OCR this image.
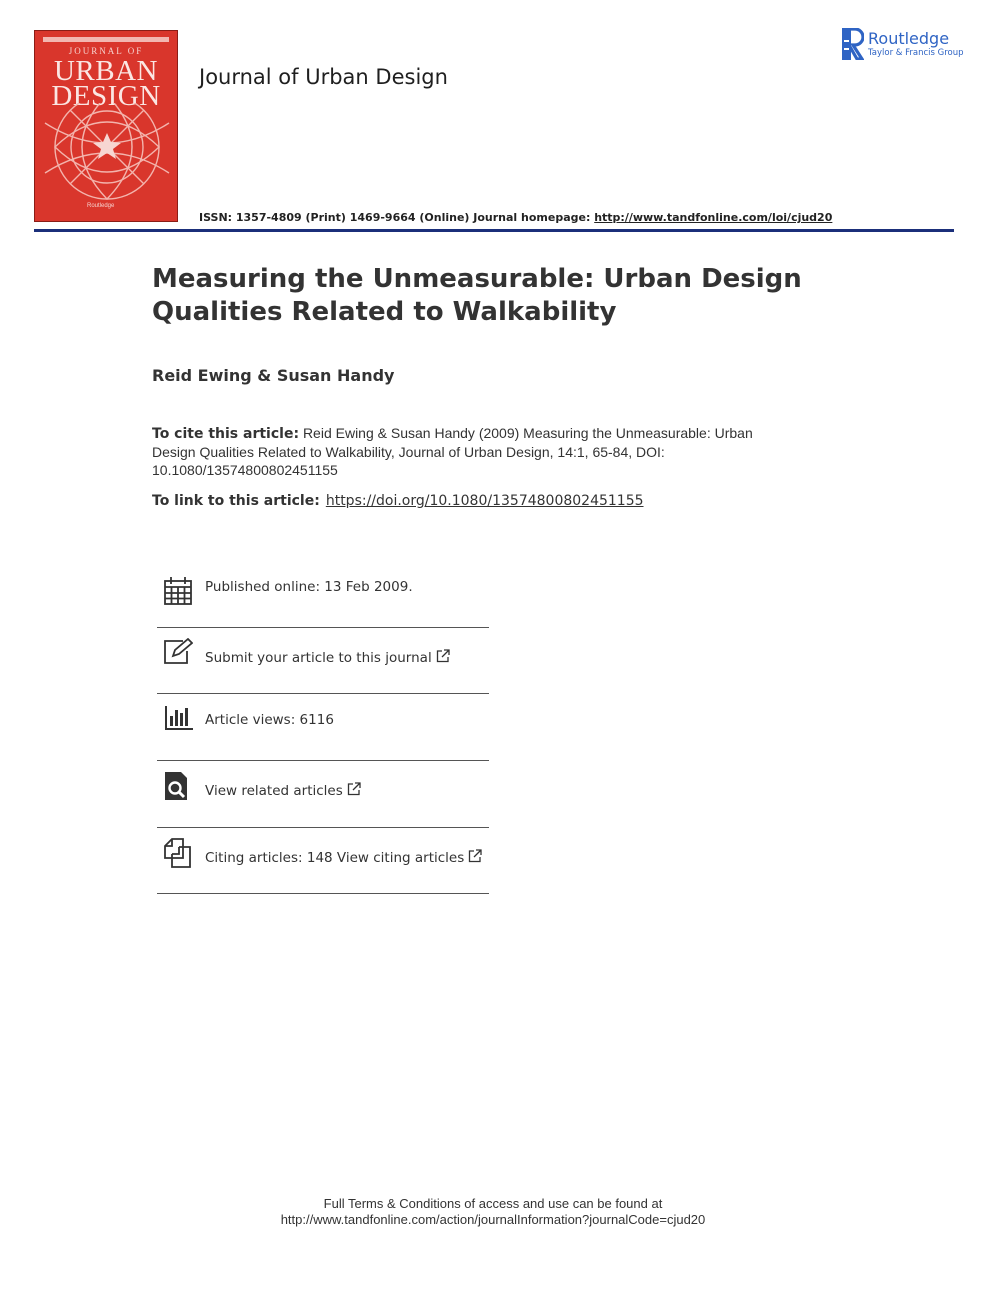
JOURNAL OF
URBAN
DESIGN
Routledge
Journal of Urban Design
Routledge
Taylor & Francis Group
ISSN: 1357-4809 (Print) 1469-9664 (Online) Journal homepage: http://www.tandfonline.com/loi/cjud20
Measuring the Unmeasurable: Urban Design Qualities Related to Walkability
Reid Ewing & Susan Handy
To cite this article: Reid Ewing & Susan Handy (2009) Measuring the Unmeasurable: Urban Design Qualities Related to Walkability, Journal of Urban Design, 14:1, 65-84, DOI: 10.1080/13574800802451155
To link to this article: https://doi.org/10.1080/13574800802451155
Published online: 13 Feb 2009.
Submit your article to this journal
Article views: 6116
View related articles
Citing articles: 148 View citing articles
Full Terms & Conditions of access and use can be found at
http://www.tandfonline.com/action/journalInformation?journalCode=cjud20
